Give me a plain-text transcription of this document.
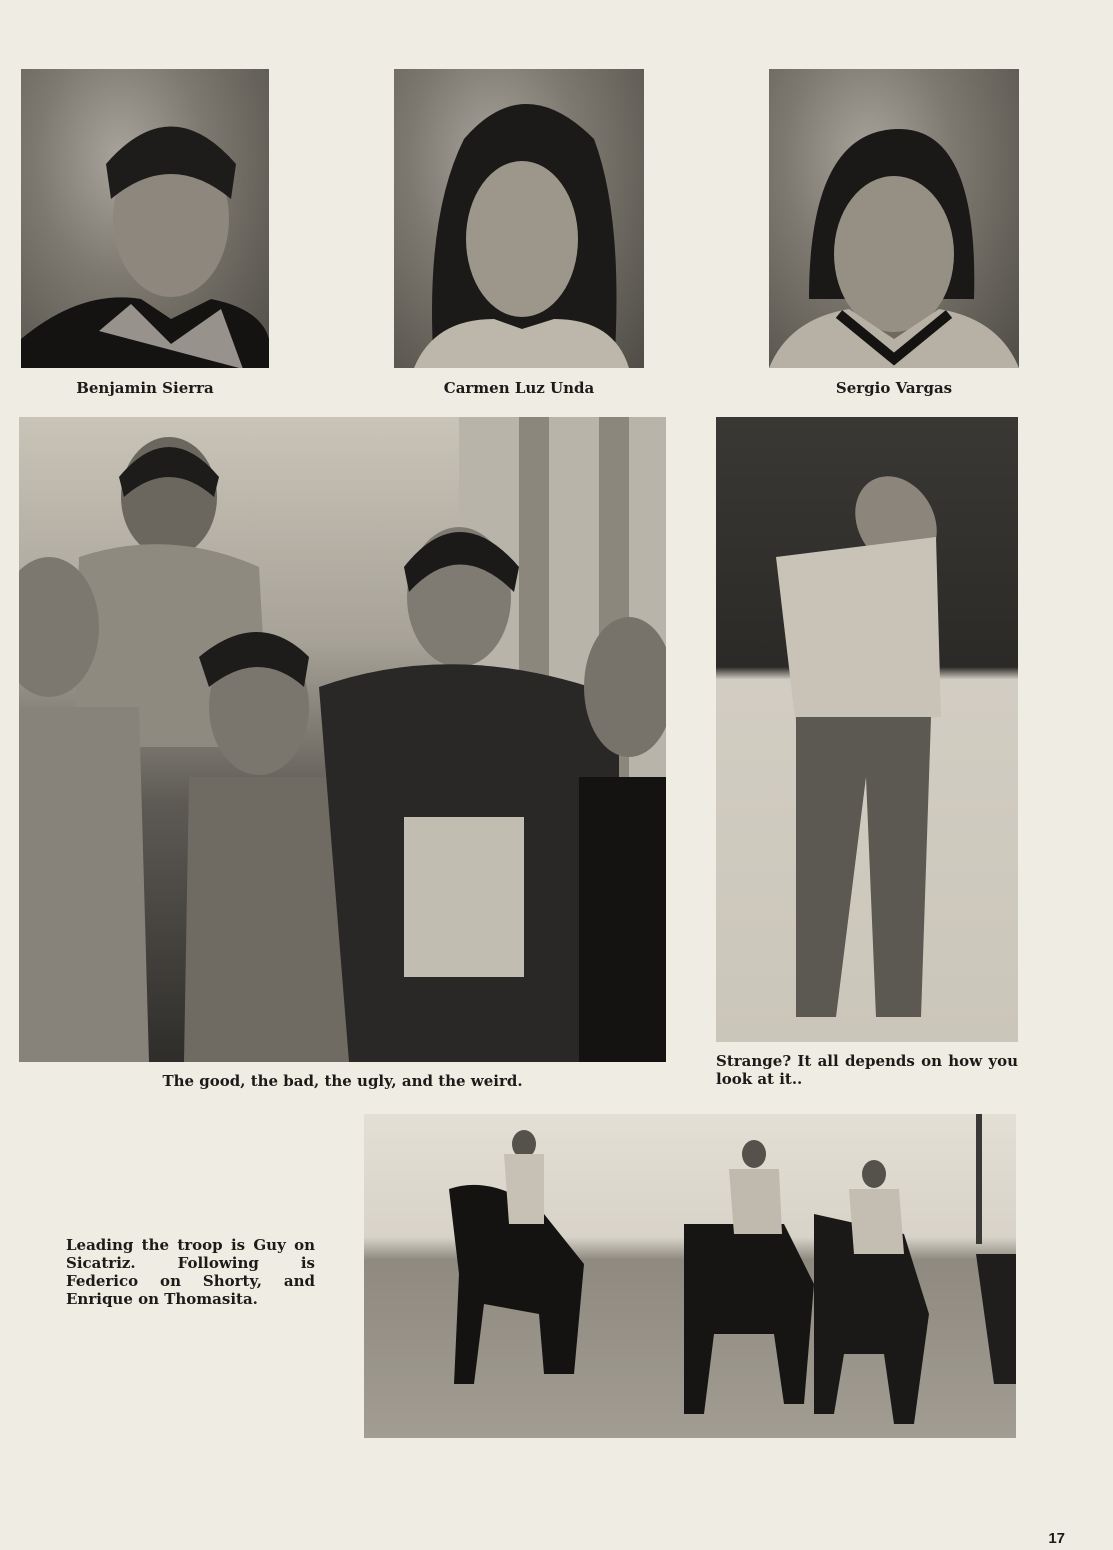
Benjamin Sierra	Carmen Luz Unda	Sergio Vargas
The good, the bad, the ugly, and the weird.
Strange? It all depends on how you look at it..
Leading the troop is Guy on Sicatriz. Following is Federico on Shorty, and Enrique on Thomasita.
17
